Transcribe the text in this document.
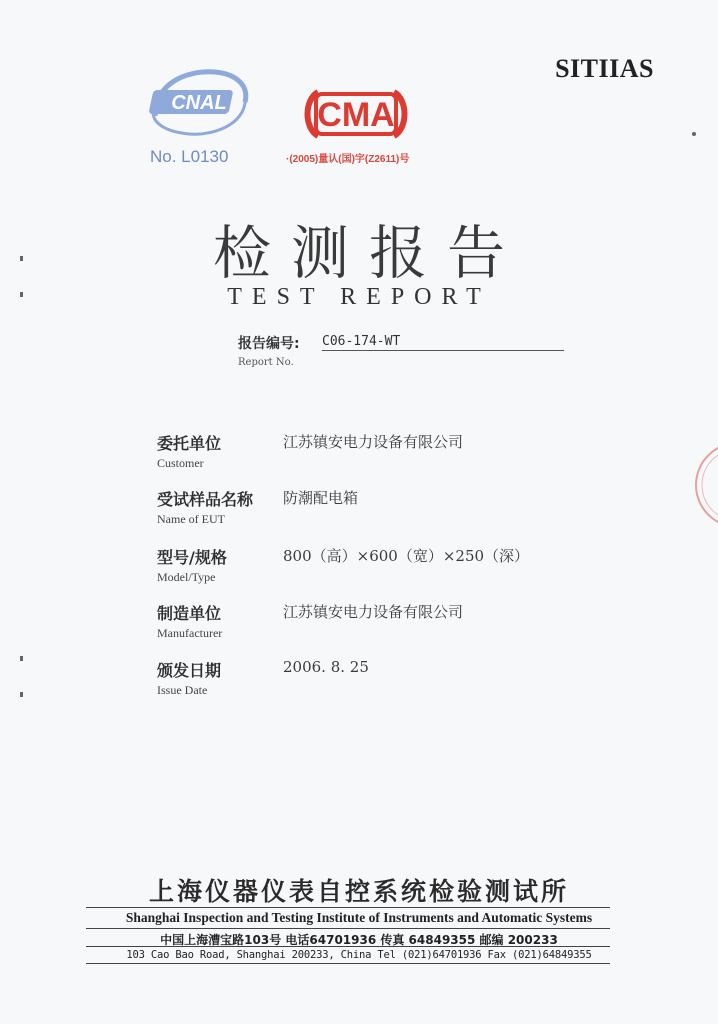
SITIIAS
CNAL
No. L0130
CMA
·(2005)量认(国)字(Z2611)号
检测报告
TEST REPORT
报告编号: C06-174-WT
Report No.
委托单位
Customer
江苏镇安电力设备有限公司
受试样品名称
Name of EUT
防潮配电箱
型号/规格
Model/Type
800（高）×600（宽）×250（深）
制造单位
Manufacturer
江苏镇安电力设备有限公司
颁发日期
Issue Date
2006. 8. 25
上海仪器仪表自控系统检验测试所
Shanghai Inspection and Testing Institute of Instruments and Automatic Systems
中国上海漕宝路103号 电话64701936 传真 64849355 邮编 200233
103 Cao Bao Road, Shanghai 200233, China Tel (021)64701936 Fax (021)64849355
